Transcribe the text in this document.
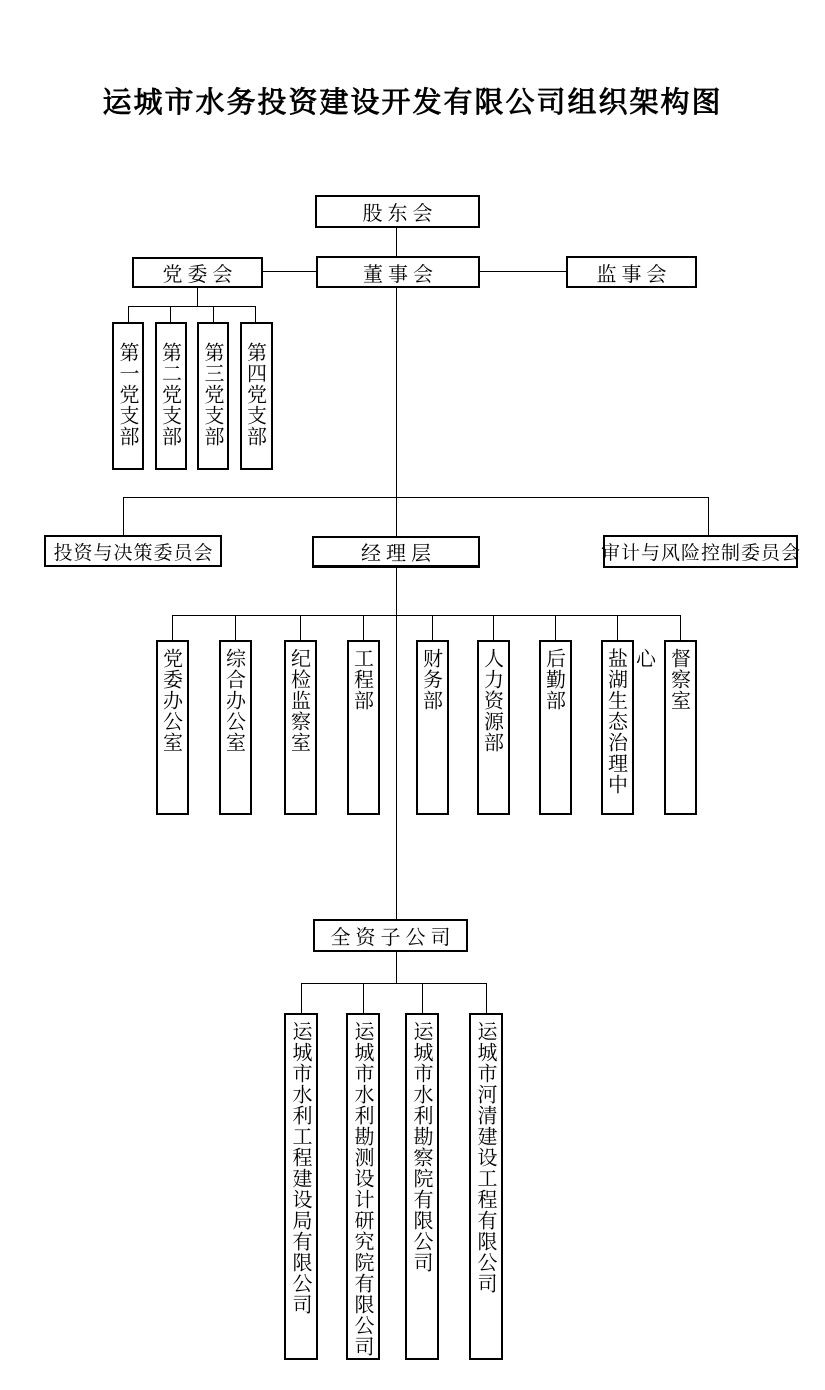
运城市水务投资建设开发有限公司组织架构图
股东会
党委会	董事会	监事会
第一党支部 第二党支部 第三党支部 第四党支部
投资与决策委员会	经理层	审计与风险控制委员会
党委办公室 综合办公室 纪检监察室 工程部 财务部 人力资源部 后勤部 盐湖生态治理中心 督察室
全资子公司
运城市水利工程建设局有限公司 运城市水利勘测设计研究院有限公司 运城市水利勘察院有限公司 运城市河清建设工程有限公司
